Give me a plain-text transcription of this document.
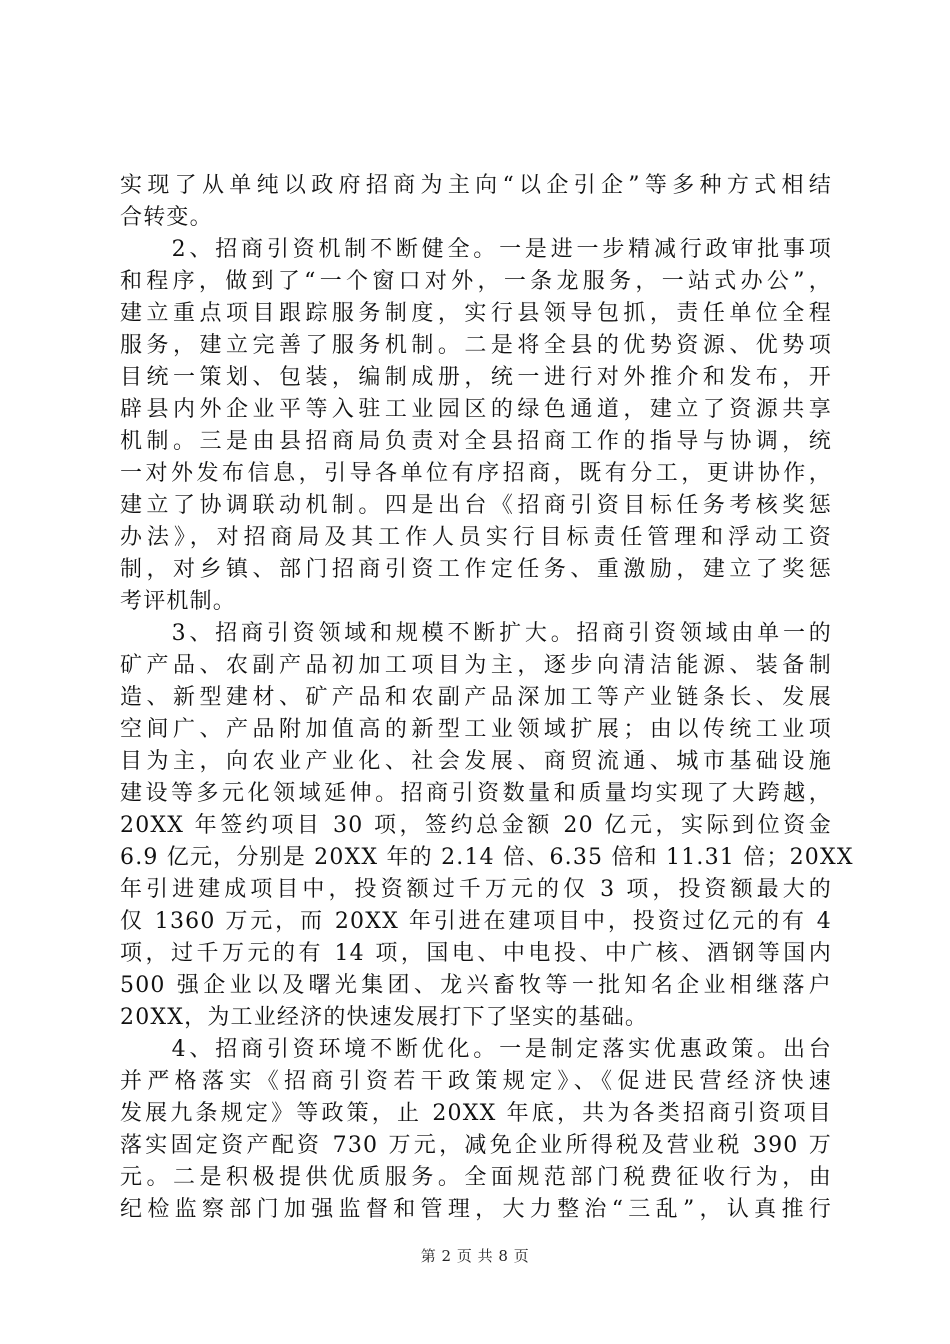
实现了从单纯以政府招商为主向“以企引企”等多种方式相结
合转变。
　　2、招商引资机制不断健全。一是进一步精减行政审批事项
和程序，做到了“一个窗口对外，一条龙服务，一站式办公”，
建立重点项目跟踪服务制度，实行县领导包抓，责任单位全程
服务，建立完善了服务机制。二是将全县的优势资源、优势项
目统一策划、包装，编制成册，统一进行对外推介和发布，开
辟县内外企业平等入驻工业园区的绿色通道，建立了资源共享
机制。三是由县招商局负责对全县招商工作的指导与协调，统
一对外发布信息，引导各单位有序招商，既有分工，更讲协作，
建立了协调联动机制。四是出台《招商引资目标任务考核奖惩
办法》，对招商局及其工作人员实行目标责任管理和浮动工资
制，对乡镇、部门招商引资工作定任务、重激励，建立了奖惩
考评机制。
　　3、招商引资领域和规模不断扩大。招商引资领域由单一的
矿产品、农副产品初加工项目为主，逐步向清洁能源、装备制
造、新型建材、矿产品和农副产品深加工等产业链条长、发展
空间广、产品附加值高的新型工业领域扩展；由以传统工业项
目为主，向农业产业化、社会发展、商贸流通、城市基础设施
建设等多元化领域延伸。招商引资数量和质量均实现了大跨越，
20XX 年签约项目 30 项，签约总金额 20 亿元，实际到位资金
6.9 亿元，分别是 20XX 年的 2.14 倍、6.35 倍和 11.31 倍；20XX
年引进建成项目中，投资额过千万元的仅 3 项，投资额最大的
仅 1360 万元，而 20XX 年引进在建项目中，投资过亿元的有 4
项，过千万元的有 14 项，国电、中电投、中广核、酒钢等国内
500 强企业以及曙光集团、龙兴畜牧等一批知名企业相继落户
20XX，为工业经济的快速发展打下了坚实的基础。
　　4、招商引资环境不断优化。一是制定落实优惠政策。出台
并严格落实《招商引资若干政策规定》、《促进民营经济快速
发展九条规定》等政策，止 20XX 年底，共为各类招商引资项目
落实固定资产配资 730 万元，减免企业所得税及营业税 390 万
元。二是积极提供优质服务。全面规范部门税费征收行为，由
纪检监察部门加强监督和管理，大力整治“三乱”，认真推行
第 2 页 共 8 页
